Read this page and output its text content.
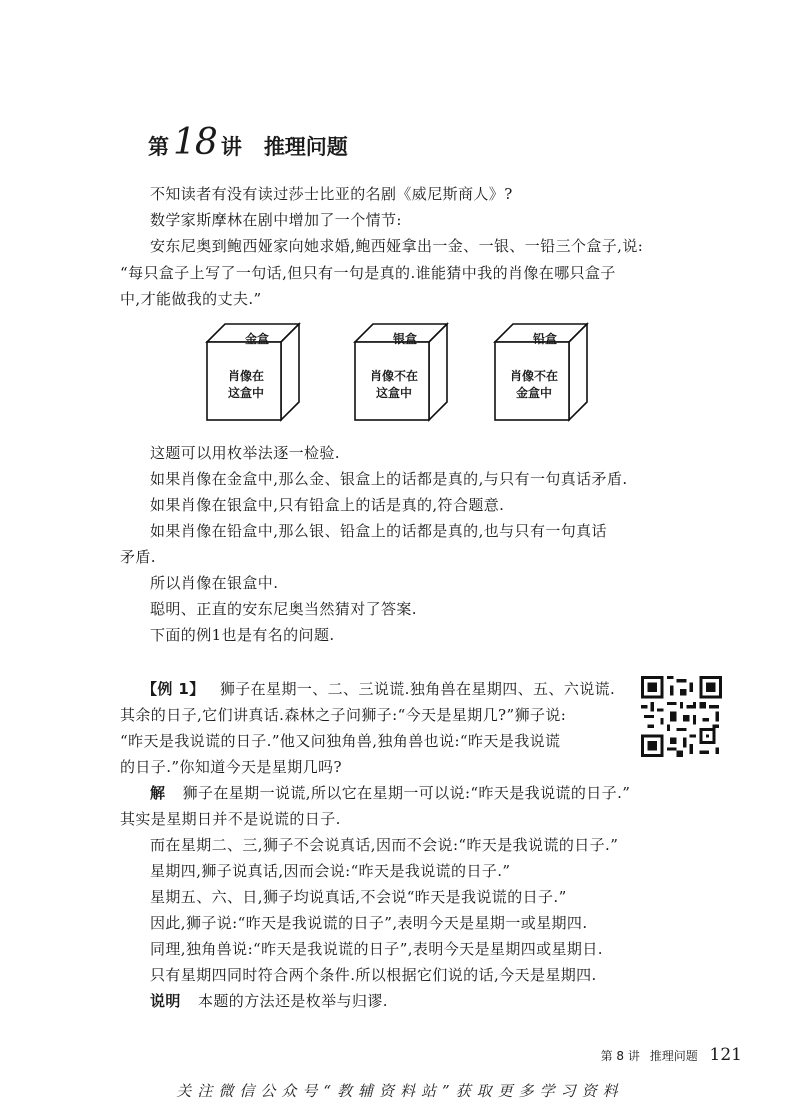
第 18 讲 推理问题
不知读者有没有读过莎士比亚的名剧《威尼斯商人》?
数学家斯摩林在剧中增加了一个情节:
安东尼奥到鲍西娅家向她求婚,鲍西娅拿出一金、一银、一铅三个盒子,说:
“每只盒子上写了一句话,但只有一句是真的.谁能猜中我的肖像在哪只盒子
中,才能做我的丈夫.”
金盒
肖像在
这盒中
银盒
肖像不在
这盒中
铅盒
肖像不在
金盒中
这题可以用枚举法逐一检验.
如果肖像在金盒中,那么金、银盒上的话都是真的,与只有一句真话矛盾.
如果肖像在银盒中,只有铅盒上的话是真的,符合题意.
如果肖像在铅盒中,那么银、铅盒上的话都是真的,也与只有一句真话
矛盾.
所以肖像在银盒中.
聪明、正直的安东尼奥当然猜对了答案.
下面的例1也是有名的问题.
【例 1】 狮子在星期一、二、三说谎.独角兽在星期四、五、六说谎.
其余的日子,它们讲真话.森林之子问狮子:“今天是星期几?”狮子说:
“昨天是我说谎的日子.”他又问独角兽,独角兽也说:“昨天是我说谎
的日子.”你知道今天是星期几吗?
解 狮子在星期一说谎,所以它在星期一可以说:“昨天是我说谎的日子.”
其实是星期日并不是说谎的日子.
而在星期二、三,狮子不会说真话,因而不会说:“昨天是我说谎的日子.”
星期四,狮子说真话,因而会说:“昨天是我说谎的日子.”
星期五、六、日,狮子均说真话,不会说“昨天是我说谎的日子.”
因此,狮子说:“昨天是我说谎的日子”,表明今天是星期一或星期四.
同理,独角兽说:“昨天是我说谎的日子”,表明今天是星期四或星期日.
只有星期四同时符合两个条件.所以根据它们说的话,今天是星期四.
说明 本题的方法还是枚举与归谬.
第 8 讲 推理问题 121
关注微信公众号“教辅资料站”获取更多学习资料
